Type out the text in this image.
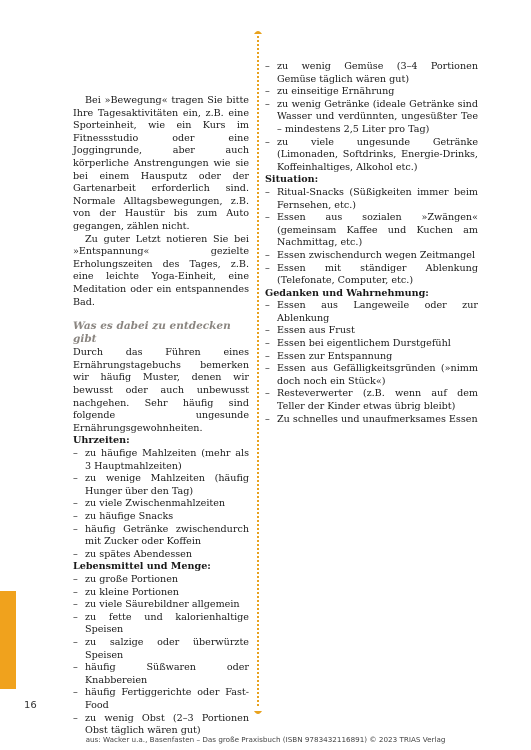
Bei »Bewegung« tragen Sie bitte Ihre Tagesaktivitäten ein, z.B. eine Sporteinheit, wie ein Kurs im Fitnessstudio oder eine Joggingrunde, aber auch körperliche Anstrengungen wie sie bei einem Hausputz oder der Gartenarbeit erforderlich sind. Normale Alltagsbewegungen, z.B. von der Haustür bis zum Auto gegangen, zählen nicht.

Zu guter Letzt notieren Sie bei »Entspannung« gezielte Erholungszeiten des Tages, z.B. eine leichte Yoga-Einheit, eine Meditation oder ein entspannendes Bad.

Was es dabei zu entdecken gibt

Durch das Führen eines Ernährungstagebuchs bemerken wir häufig Muster, denen wir bewusst oder auch unbewusst nachgehen. Sehr häufig sind folgende ungesunde Ernährungsgewohnheiten.

Uhrzeiten:
– zu häufige Mahlzeiten (mehr als 3 Hauptmahlzeiten)
– zu wenige Mahlzeiten (häufig Hunger über den Tag)
– zu viele Zwischenmahlzeiten
– zu häufige Snacks
– häufig Getränke zwischendurch mit Zucker oder Koffein
– zu spätes Abendessen
Lebensmittel und Menge:
– zu große Portionen
– zu kleine Portionen
– zu viele Säurebildner allgemein
– zu fette und kalorienhaltige Speisen
– zu salzige oder überwürzte Speisen
– häufig Süßwaren oder Knabbereien
– häufig Fertiggerichte oder Fast-Food
– zu wenig Obst (2–3 Portionen Obst täglich wären gut)
– zu wenig Gemüse (3–4 Portionen Gemüse täglich wären gut)
– zu einseitige Ernährung
– zu wenig Getränke (ideale Getränke sind Wasser und verdünnten, ungesüßter Tee – mindestens 2,5 Liter pro Tag)
– zu viele ungesunde Getränke (Limonaden, Softdrinks, Energie-Drinks, Koffeinhaltiges, Alkohol etc.)
Situation:
– Ritual-Snacks (Süßigkeiten immer beim Fernsehen, etc.)
– Essen aus sozialen »Zwängen« (gemeinsam Kaffee und Kuchen am Nachmittag, etc.)
– Essen zwischendurch wegen Zeitmangel
– Essen mit ständiger Ablenkung (Telefonate, Computer, etc.)
Gedanken und Wahrnehmung:
– Essen aus Langeweile oder zur Ablenkung
– Essen aus Frust
– Essen bei eigentlichem Durstgefühl
– Essen zur Entspannung
– Essen aus Gefälligkeitsgründen (»nimm doch noch ein Stück«)
– Resteverwerter (z.B. wenn auf dem Teller der Kinder etwas übrig bleibt)
– Zu schnelles und unaufmerksames Essen
16
aus: Wacker u.a., Basenfasten – Das große Praxisbuch (ISBN 9783432116891) © 2023 TRIAS Verlag
